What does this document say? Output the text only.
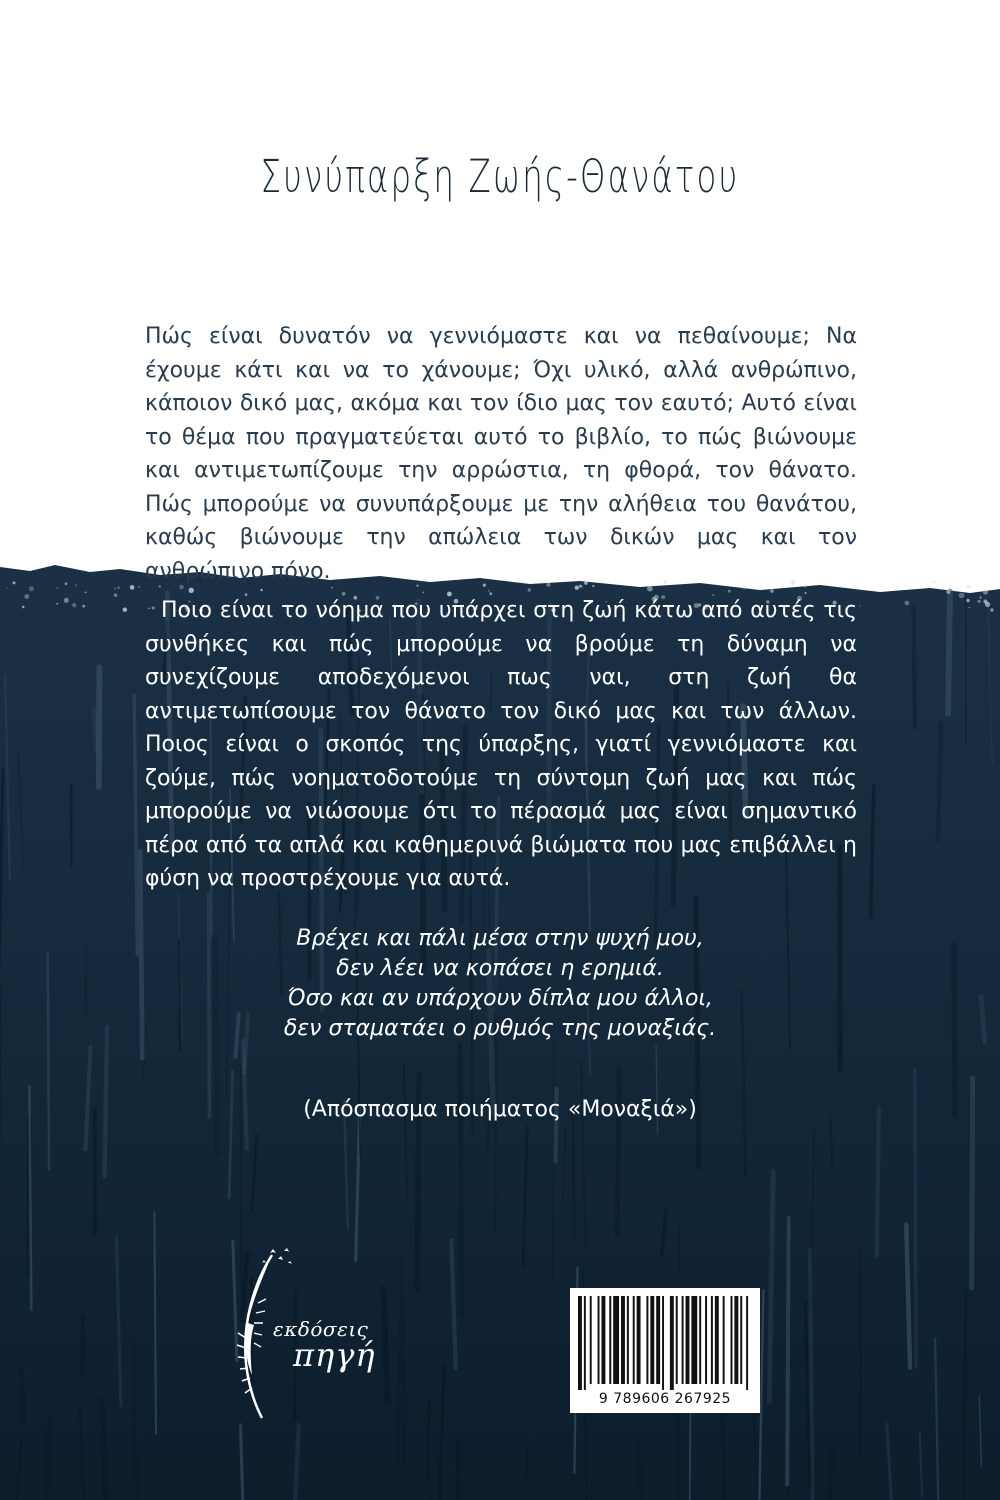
Συνύπαρξη Ζωής-Θανάτου
Πώς είναι δυνατόν να γεννιόμαστε και να πεθαίνουμε; Να έχουμε κάτι και να το χάνουμε; Όχι υλικό, αλλά ανθρώπινο, κάποιον δικό μας, ακόμα και τον ίδιο μας τον εαυτό; Αυτό είναι το θέμα που πραγματεύεται αυτό το βιβλίο, το πώς βιώνουμε και αντιμετωπίζουμε την αρρώστια, τη φθορά, τον θάνατο. Πώς μπορούμε να συνυπάρξουμε με την αλήθεια του θανάτου, καθώς βιώνουμε την απώλεια των δικών μας και τον ανθρώπινο πόνο.
Ποιο είναι το νόημα που υπάρχει στη ζωή κάτω από αυτές τις συνθήκες και πώς μπορούμε να βρούμε τη δύναμη να συνεχίζουμε αποδεχόμενοι πως ναι, στη ζωή θα αντιμετωπίσουμε τον θάνατο τον δικό μας και των άλλων. Ποιος είναι ο σκοπός της ύπαρξης, γιατί γεννιόμαστε και ζούμε, πώς νοηματοδοτούμε τη σύντομη ζωή μας και πώς μπορούμε να νιώσουμε ότι το πέρασμά μας είναι σημαντικό πέρα από τα απλά και καθημερινά βιώματα που μας επιβάλλει η φύση να προστρέχουμε για αυτά.
Βρέχει και πάλι μέσα στην ψυχή μου,
δεν λέει να κοπάσει η ερημιά.
Όσο και αν υπάρχουν δίπλα μου άλλοι,
δεν σταματάει ο ρυθμός της μοναξιάς.
(Απόσπασμα ποιήματος «Μοναξιά»)
εκδόσεις
πηγή
9 789606 267925
